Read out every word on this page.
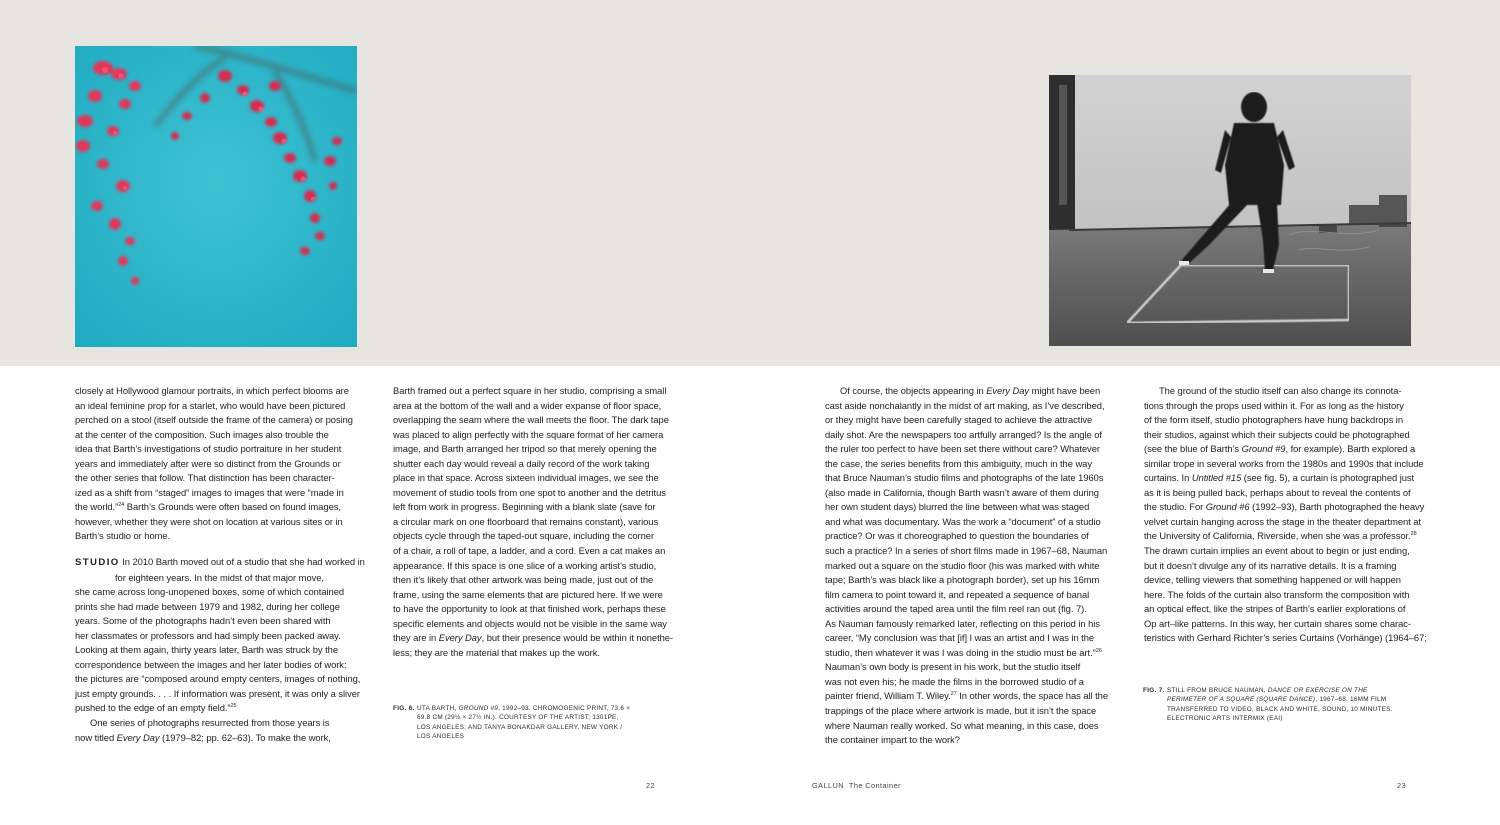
closely at Hollywood glamour portraits, in which perfect blooms are

an ideal feminine prop for a starlet, who would have been pictured

perched on a stool (itself outside the frame of the camera) or posing

at the center of the composition. Such images also trouble the

idea that Barth’s investigations of studio portraiture in her student

years and immediately after were so distinct from the Grounds or

the other series that follow. That distinction has been character-

ized as a shift from “staged” images to images that were “made in

the world.”$^{24}$ Barth’s Grounds were often based on found images,

however, whether they were shot on location at various sites or in

Barth’s studio or home.

STUDIO In 2010 Barth moved out of a studio that she had worked in

for eighteen years. In the midst of that major move,

she came across long-unopened boxes, some of which contained

prints she had made between 1979 and 1982, during her college

years. Some of the photographs hadn’t even been shared with

her classmates or professors and had simply been packed away.

Looking at them again, thirty years later, Barth was struck by the

correspondence between the images and her later bodies of work:

the pictures are “composed around empty centers, images of nothing,

just empty grounds. . . . If information was present, it was only a sliver

pushed to the edge of an empty field.”$^{25}$

One series of photographs resurrected from those years is

now titled Every Day (1979–82; pp. 62–63). To make the work,

Barth framed out a perfect square in her studio, comprising a small

area at the bottom of the wall and a wider expanse of floor space,

overlapping the seam where the wall meets the floor. The dark tape

was placed to align perfectly with the square format of her camera

image, and Barth arranged her tripod so that merely opening the

shutter each day would reveal a daily record of the work taking

place in that space. Across sixteen individual images, we see the

movement of studio tools from one spot to another and the detritus

left from work in progress. Beginning with a blank slate (save for

a circular mark on one floorboard that remains constant), various

objects cycle through the taped-out square, including the corner

of a chair, a roll of tape, a ladder, and a cord. Even a cat makes an

appearance. If this space is one slice of a working artist’s studio,

then it’s likely that other artwork was being made, just out of the

frame, using the same elements that are pictured here. If we were

to have the opportunity to look at that finished work, perhaps these

specific elements and objects would not be visible in the same way

they are in Every Day, but their presence would be within it nonethe-

less; they are the material that makes up the work.

FIG. 6. UTA BARTH, GROUND #9, 1992–93. CHROMOGENIC PRINT, 73.6 ×
69.8 CM (29⅛ × 27½ IN.). COURTESY OF THE ARTIST; 1301PE,
LOS ANGELES; AND TANYA BONAKDAR GALLERY, NEW YORK /
LOS ANGELES

Of course, the objects appearing in Every Day might have been

cast aside nonchalantly in the midst of art making, as I’ve described,

or they might have been carefully staged to achieve the attractive

daily shot. Are the newspapers too artfully arranged? Is the angle of

the ruler too perfect to have been set there without care? Whatever

the case, the series benefits from this ambiguity, much in the way

that Bruce Nauman’s studio films and photographs of the late 1960s

(also made in California, though Barth wasn’t aware of them during

her own student days) blurred the line between what was staged

and what was documentary. Was the work a “document” of a studio

practice? Or was it choreographed to question the boundaries of

such a practice? In a series of short films made in 1967–68, Nauman

marked out a square on the studio floor (his was marked with white

tape; Barth’s was black like a photograph border), set up his 16mm

film camera to point toward it, and repeated a sequence of banal

activities around the taped area until the film reel ran out (fig. 7).

As Nauman famously remarked later, reflecting on this period in his

career, “My conclusion was that [if] I was an artist and I was in the

studio, then whatever it was I was doing in the studio must be art.”$^{26}$

Nauman’s own body is present in his work, but the studio itself

was not even his; he made the films in the borrowed studio of a

painter friend, William T. Wiley.$^{27}$ In other words, the space has all the

trappings of the place where artwork is made, but it isn’t the space

where Nauman really worked. So what meaning, in this case, does

the container impart to the work?

The ground of the studio itself can also change its connota-

tions through the props used within it. For as long as the history

of the form itself, studio photographers have hung backdrops in

their studios, against which their subjects could be photographed

(see the blue of Barth’s Ground #9, for example). Barth explored a

similar trope in several works from the 1980s and 1990s that include

curtains. In Untitled #15 (see fig. 5), a curtain is photographed just

as it is being pulled back, perhaps about to reveal the contents of

the studio. For Ground #6 (1992–93), Barth photographed the heavy

velvet curtain hanging across the stage in the theater department at

the University of California, Riverside, when she was a professor.$^{28}$

The drawn curtain implies an event about to begin or just ending,

but it doesn’t divulge any of its narrative details. It is a framing

device, telling viewers that something happened or will happen

here. The folds of the curtain also transform the composition with

an optical effect, like the stripes of Barth’s earlier explorations of

Op art–like patterns. In this way, her curtain shares some charac-

teristics with Gerhard Richter’s series Curtains (Vorhänge) (1964–67;

FIG. 7. STILL FROM BRUCE NAUMAN, DANCE OR EXERCISE ON THE
PERIMETER OF A SQUARE (SQUARE DANCE), 1967–68. 16MM FILM
TRANSFERRED TO VIDEO, BLACK AND WHITE, SOUND, 10 MINUTES.
ELECTRONIC ARTS INTERMIX (EAI)
22	GALLUN The Container	23
